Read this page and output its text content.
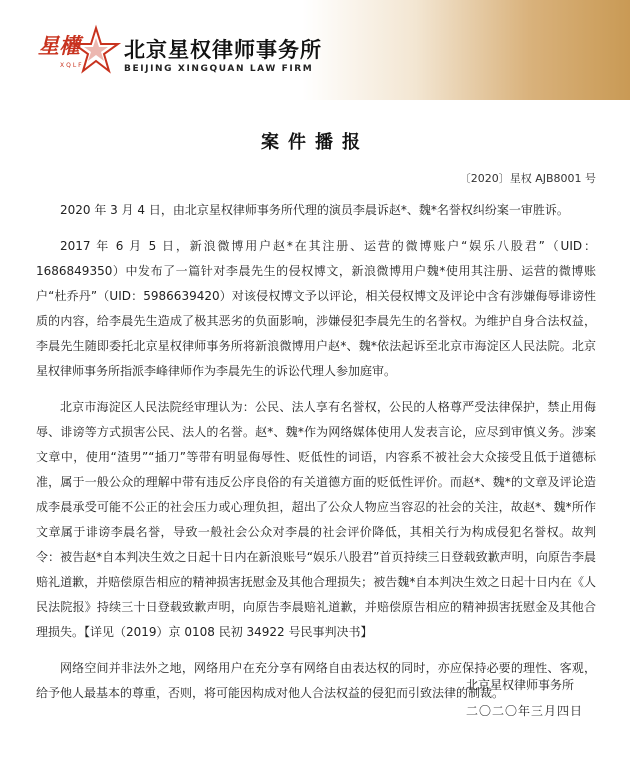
星權
XQLF
北京星权律师事务所
BEIJING XINGQUAN LAW FIRM
案件播报
〔2020〕星权 AJB8001 号

2020 年 3 月 4 日，由北京星权律师事务所代理的演员李晨诉赵*、魏*名誉权纠纷案一审胜诉。

2017 年 6 月 5 日，新浪微博用户赵*在其注册、运营的微博账户“娱乐八股君”（UID：1686849350）中发布了一篇针对李晨先生的侵权博文，新浪微博用户魏*使用其注册、运营的微博账户“杜乔丹”（UID：5986639420）对该侵权博文予以评论，相关侵权博文及评论中含有涉嫌侮辱诽谤性质的内容，给李晨先生造成了极其恶劣的负面影响，涉嫌侵犯李晨先生的名誉权。为维护自身合法权益，李晨先生随即委托北京星权律师事务所将新浪微博用户赵*、魏*依法起诉至北京市海淀区人民法院。北京星权律师事务所指派李峰律师作为李晨先生的诉讼代理人参加庭审。

北京市海淀区人民法院经审理认为：公民、法人享有名誉权，公民的人格尊严受法律保护，禁止用侮辱、诽谤等方式损害公民、法人的名誉。赵*、魏*作为网络媒体使用人发表言论，应尽到审慎义务。涉案文章中，使用“渣男”“插刀”等带有明显侮辱性、贬低性的词语，内容系不被社会大众接受且低于道德标准，属于一般公众的理解中带有违反公序良俗的有关道德方面的贬低性评价。而赵*、魏*的文章及评论造成李晨承受可能不公正的社会压力或心理负担，超出了公众人物应当容忍的社会的关注，故赵*、魏*所作文章属于诽谤李晨名誉，导致一般社会公众对李晨的社会评价降低，其相关行为构成侵犯名誉权。故判令：被告赵*自本判决生效之日起十日内在新浪账号“娱乐八股君”首页持续三日登载致歉声明，向原告李晨赔礼道歉，并赔偿原告相应的精神损害抚慰金及其他合理损失；被告魏*自本判决生效之日起十日内在《人民法院报》持续三十日登载致歉声明，向原告李晨赔礼道歉，并赔偿原告相应的精神损害抚慰金及其他合理损失。【详见（2019）京 0108 民初 34922 号民事判决书】

网络空间并非法外之地，网络用户在充分享有网络自由表达权的同时，亦应保持必要的理性、客观，给予他人最基本的尊重，否则，将可能因构成对他人合法权益的侵犯而引致法律的制裁。

北京星权律师事务所
二〇二〇年三月四日
